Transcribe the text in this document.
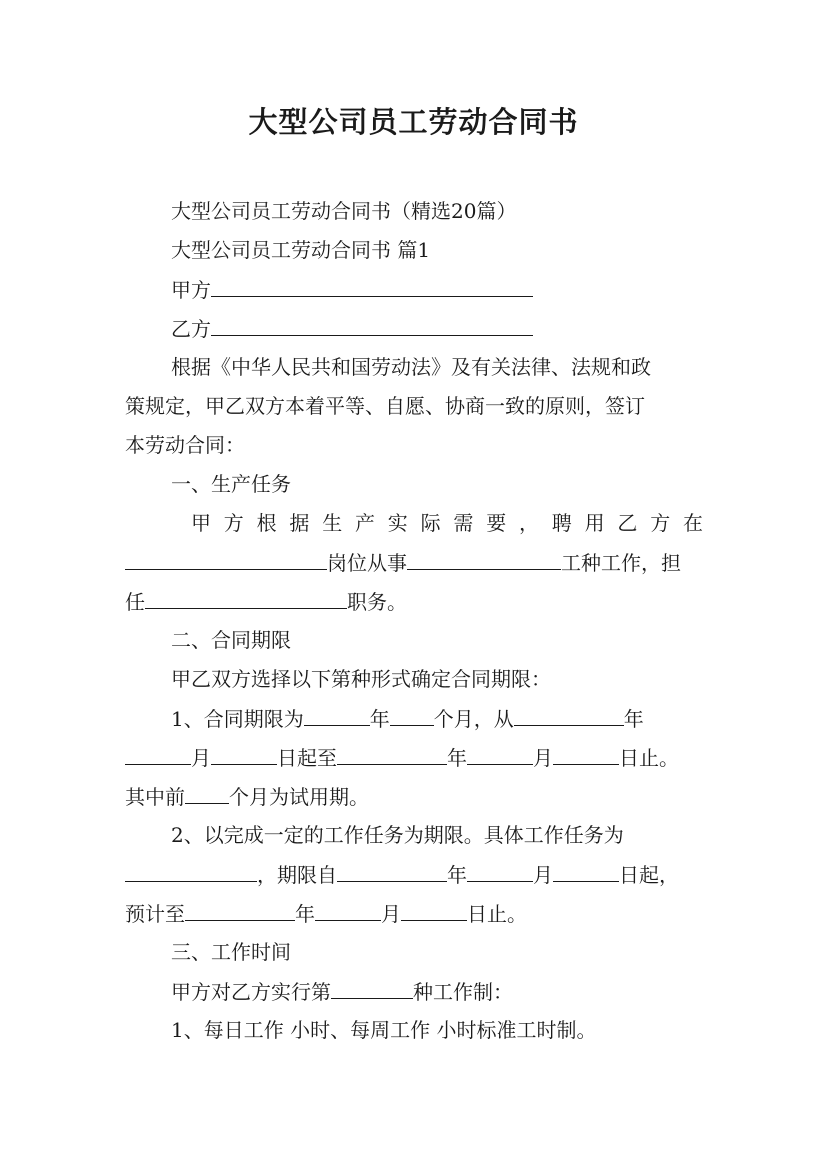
大型公司员工劳动合同书
大型公司员工劳动合同书（精选20篇）
大型公司员工劳动合同书 篇1
甲方
乙方
根据《中华人民共和国劳动法》及有关法律、法规和政
策规定，甲乙双方本着平等、自愿、协商一致的原则，签订
本劳动合同：
一、生产任务
甲方根据生产实际需要，聘用乙方在
岗位从事	工种工作，担
任	职务。
二、合同期限
甲乙双方选择以下第种形式确定合同期限：
1、合同期限为	年 个月，从	年
月	日起至	年	月	日止。
其中前 个月为试用期。
2、以完成一定的工作任务为期限。具体工作任务为
，期限自	年	月	日起，
预计至	年	月	日止。
三、工作时间
甲方对乙方实行第	种工作制：
1、每日工作 小时、每周工作 小时标准工时制。
